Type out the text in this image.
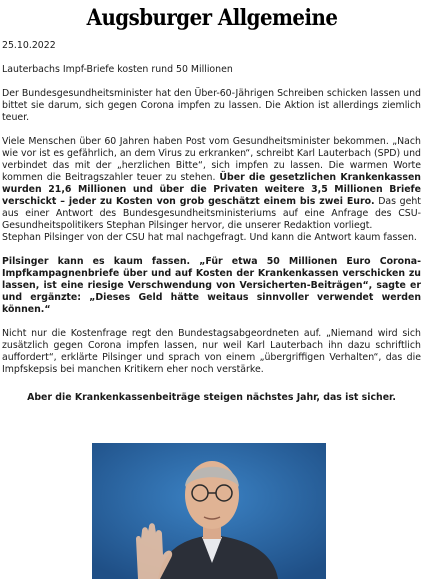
Augsburger Allgemeine

25.10.2022

Lauterbachs Impf-Briefe kosten rund 50 Millionen

Der Bundesgesundheitsminister hat den Über-60-Jährigen Schreiben schicken lassen und bittet sie darum, sich gegen Corona impfen zu lassen. Die Aktion ist allerdings ziemlich teuer.

Viele Menschen über 60 Jahren haben Post vom Gesundheitsminister bekommen. „Nach wie vor ist es gefährlich, an dem Virus zu erkranken“, schreibt Karl Lauterbach (SPD) und verbindet das mit der „herzlichen Bitte“, sich impfen zu lassen. Die warmen Worte kommen die Beitragszahler teuer zu stehen. Über die gesetzlichen Krankenkassen wurden 21,6 Millionen und über die Privaten weitere 3,5 Millionen Briefe verschickt – jeder zu Kosten von grob geschätzt einem bis zwei Euro. Das geht aus einer Antwort des Bundesgesundheitsministeriums auf eine Anfrage des CSU-Gesundheitspolitikers Stephan Pilsinger hervor, die unserer Redaktion vorliegt.

Stephan Pilsinger von der CSU hat mal nachgefragt. Und kann die Antwort kaum fassen.

Pilsinger kann es kaum fassen. „Für etwa 50 Millionen Euro Corona-Impfkampagnenbriefe über und auf Kosten der Krankenkassen verschicken zu lassen, ist eine riesige Verschwendung von Versicherten-Beiträgen“, sagte er und ergänzte: „Dieses Geld hätte weitaus sinnvoller verwendet werden können.“

Nicht nur die Kostenfrage regt den Bundestagsabgeordneten auf. „Niemand wird sich zusätzlich gegen Corona impfen lassen, nur weil Karl Lauterbach ihn dazu schriftlich auffordert“, erklärte Pilsinger und sprach von einem „übergriffigen Verhalten“, das die Impfskepsis bei manchen Kritikern eher noch verstärke.

Aber die Krankenkassenbeiträge steigen nächstes Jahr, das ist sicher.
